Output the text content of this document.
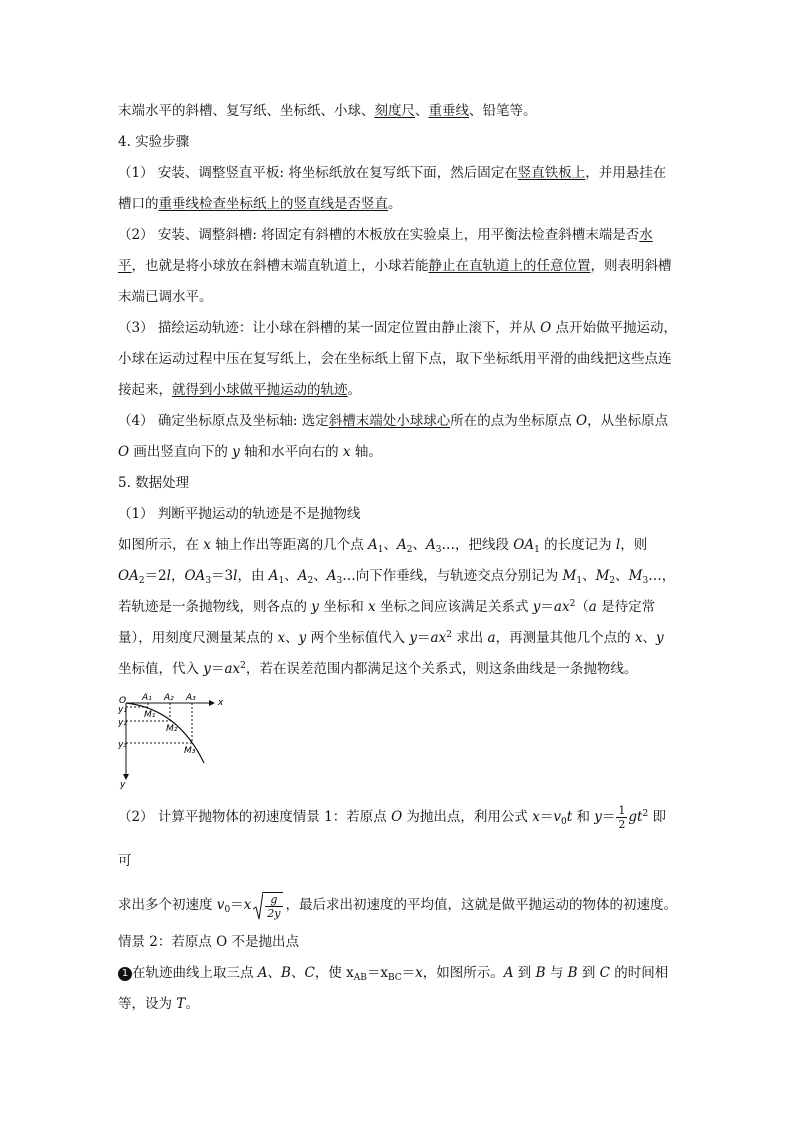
末端水平的斜槽、复写纸、坐标纸、小球、刻度尺、重垂线、铅笔等。

4. 实验步骤

（1） 安装、调整竖直平板: 将坐标纸放在复写纸下面，然后固定在竖直铁板上，并用悬挂在槽口的重垂线检查坐标纸上的竖直线是否竖直。

（2） 安装、调整斜槽: 将固定有斜槽的木板放在实验桌上，用平衡法检查斜槽末端是否水平，也就是将小球放在斜槽末端直轨道上，小球若能静止在直轨道上的任意位置，则表明斜槽末端已调水平。

（3） 描绘运动轨迹：让小球在斜槽的某一固定位置由静止滚下，并从 O 点开始做平抛运动，小球在运动过程中压在复写纸上，会在坐标纸上留下点，取下坐标纸用平滑的曲线把这些点连接起来，就得到小球做平抛运动的轨迹。

（4） 确定坐标原点及坐标轴: 选定斜槽末端处小球球心所在的点为坐标原点 O，从坐标原点 O 画出竖直向下的 y 轴和水平向右的 x 轴。

5. 数据处理

（1） 判断平抛运动的轨迹是不是抛物线

如图所示，在 x 轴上作出等距离的几个点 $A_1$、$A_2$、$A_3\dots$，把线段 $OA_1$ 的长度记为 l，则 $OA_2=2l$，$OA_3=3l$，由 $A_1$、$A_2$、$A_3\dots$向下作垂线，与轨迹交点分别记为 $M_1$、$M_2$、$M_3\dots$，若轨迹是一条抛物线，则各点的 y 坐标和 x 坐标之间应该满足关系式 $y=ax^2(a$ 是待定常量），用刻度尺测量某点的 x、y 两个坐标值代入 $y=ax^2$ 求出 a，再测量其他几个点的 x、y 坐标值，代入 $y=ax^2$，若在误差范围内都满足这个关系式，则这条曲线是一条抛物线。

O	x
y
A₁ A₂ A₃
y₁
y₂
y₃
M₁
M₂
M₃

（2） 计算平抛物体的初速度情景 1：若原点 O 为抛出点，利用公式 $x=v_0t$ 和 $y= \frac{1}{2} gt^2$ 即可

求出多个初速度 $v_0=x \frac{g}{2y}$ ，最后求出初速度的平均值，这就是做平抛运动的物体的初速度。

情景 2：若原点 O 不是抛出点

1 在轨迹曲线上取三点 A、B、C，使 $x_{AB}=x_{BC}=x$，如图所示。A 到 B 与 B 到 C 的时间相等，设为 T。
